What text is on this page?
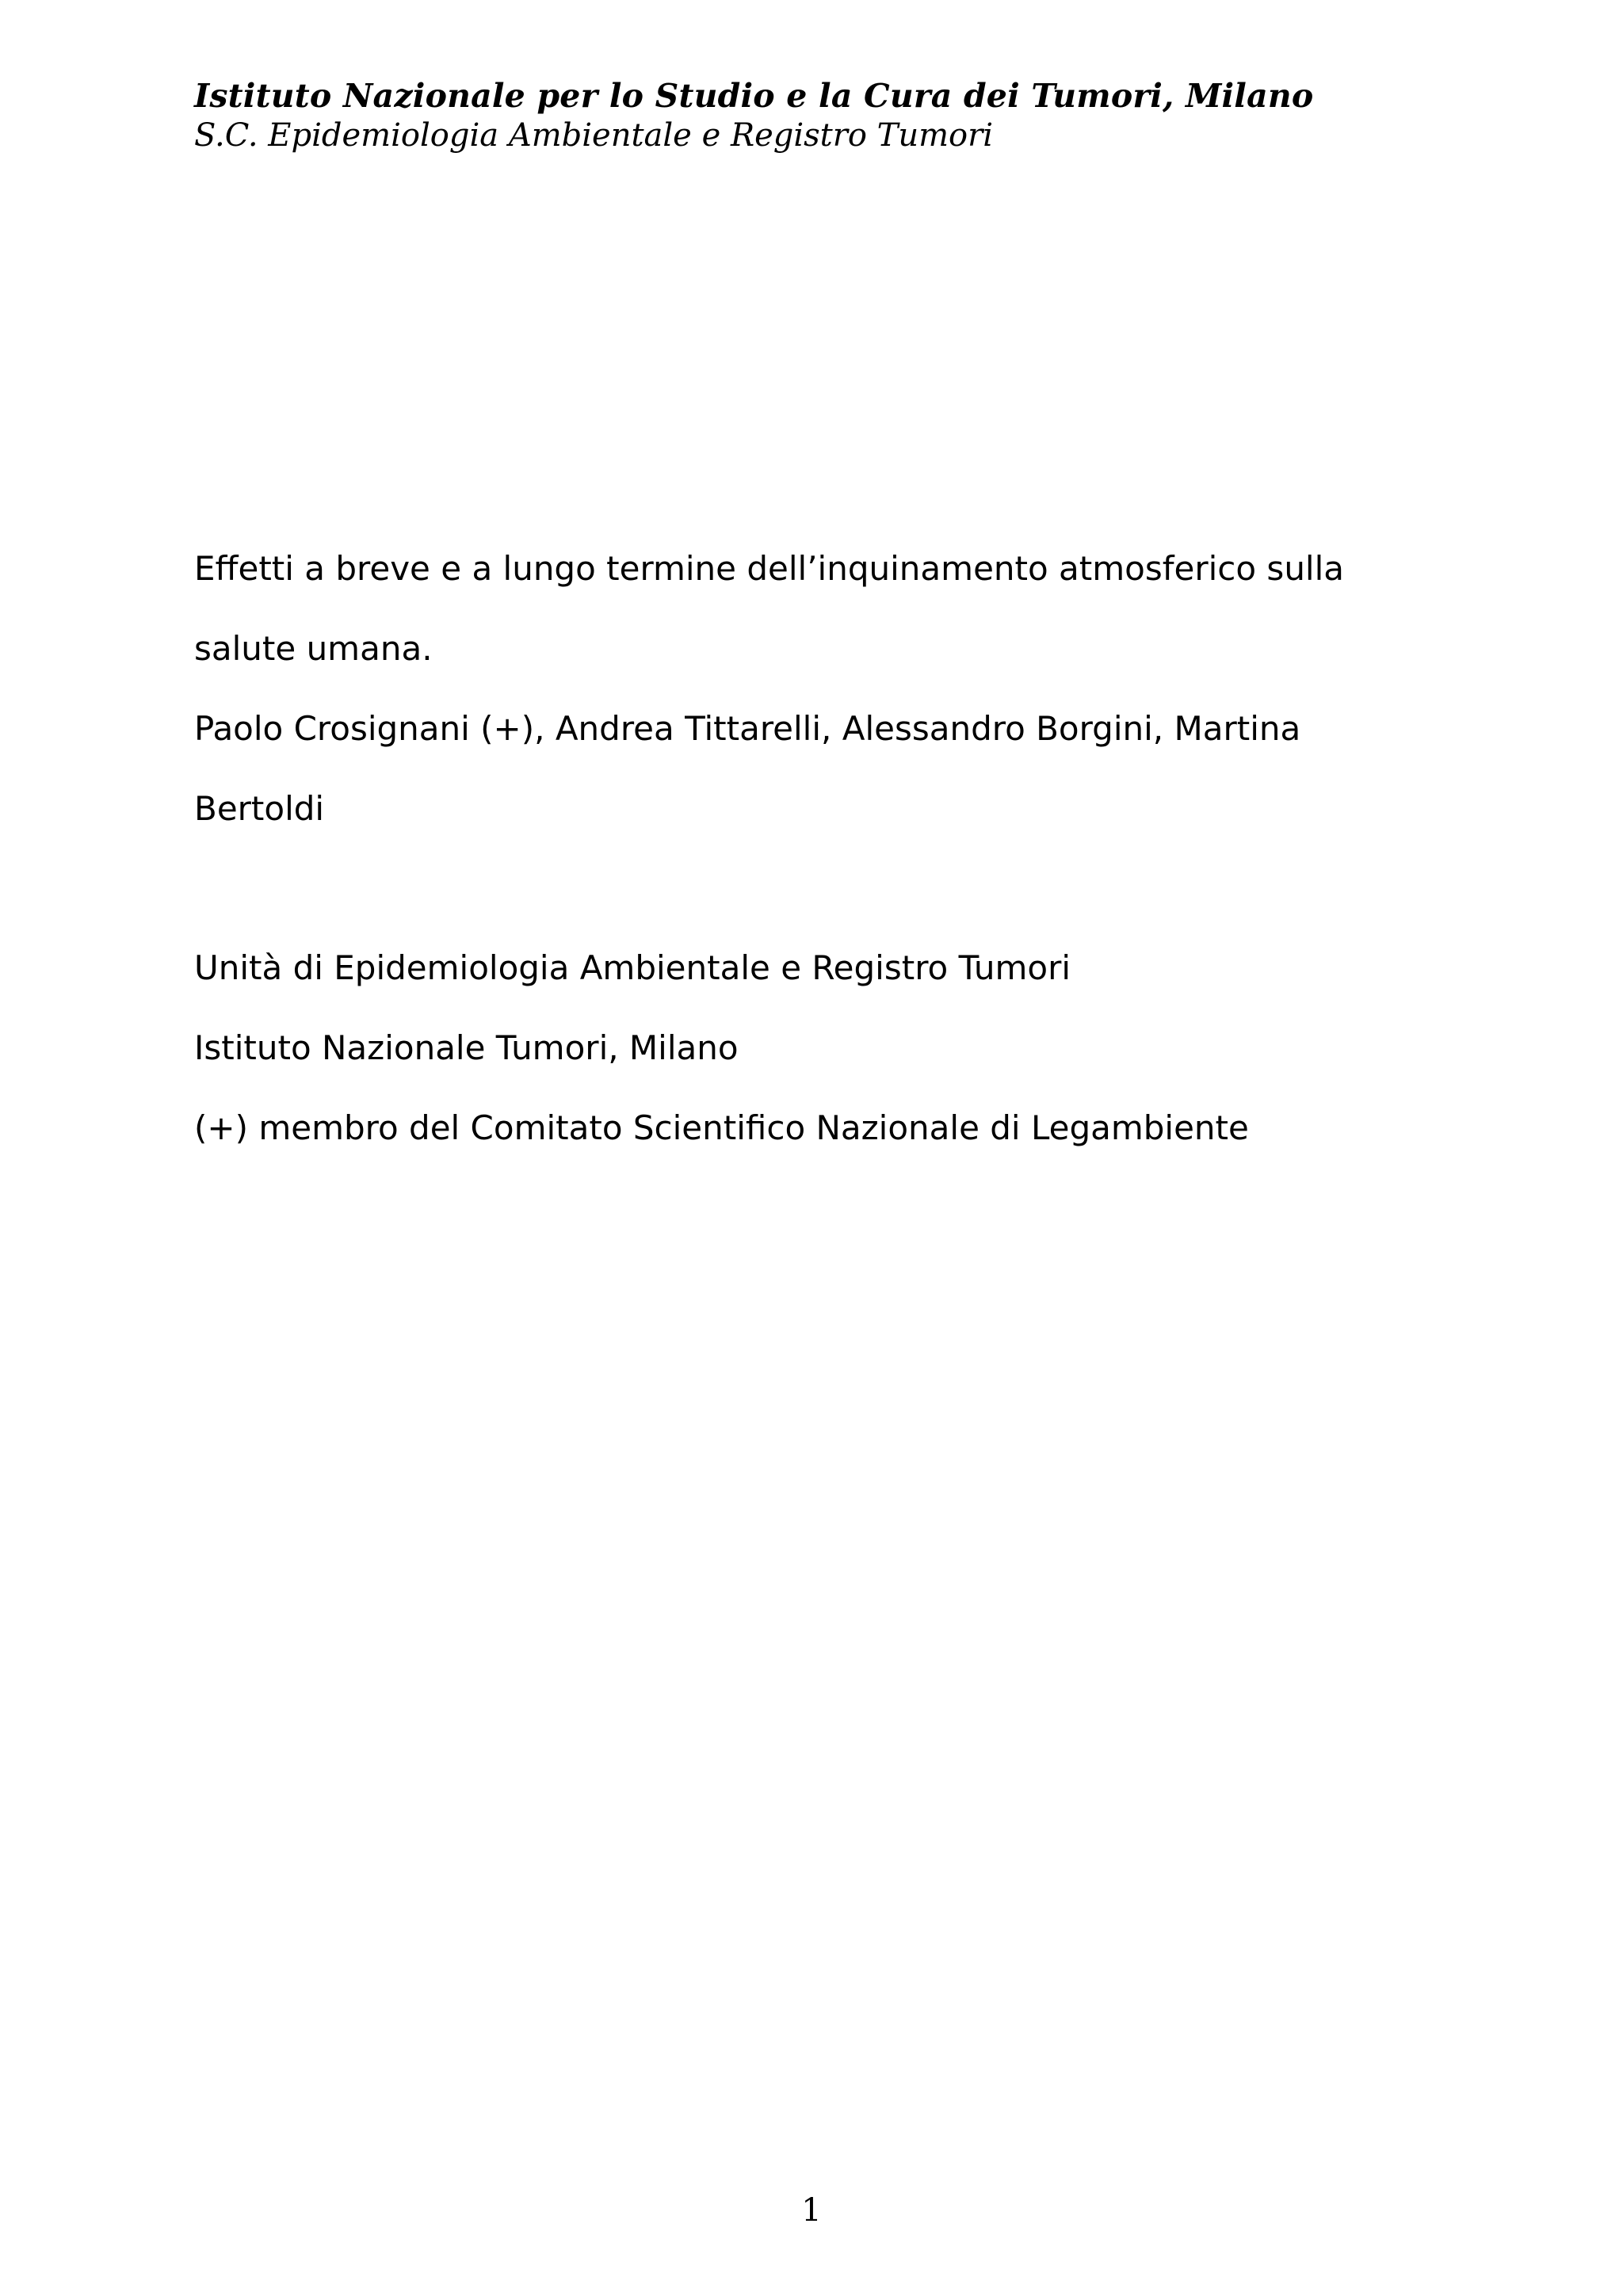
Istituto Nazionale per lo Studio e la Cura dei Tumori, Milano
S.C. Epidemiologia Ambientale e Registro Tumori
Effetti a breve e a lungo termine dell’inquinamento atmosferico sulla
salute umana.
Paolo Crosignani (+), Andrea Tittarelli, Alessandro Borgini, Martina
Bertoldi
Unità di Epidemiologia Ambientale e Registro Tumori
Istituto Nazionale Tumori, Milano
(+) membro del Comitato Scientifico Nazionale di Legambiente
1
